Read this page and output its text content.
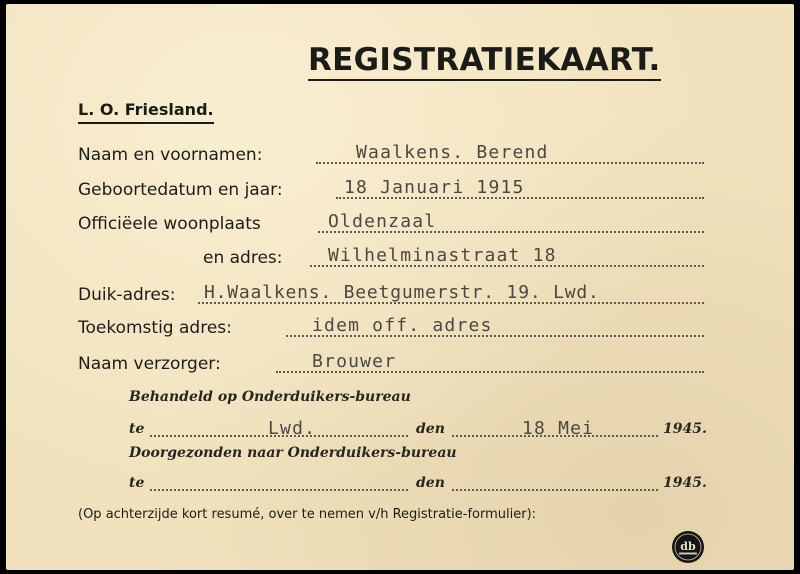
REGISTRATIEKAART.
L. O. Friesland.
Naam en voornamen:	Waalkens. Berend
Geboortedatum en jaar:	18 Januari 1915
Officiëele woonplaats	Oldenzaal
en adres:	Wilhelminastraat 18
Duik-adres: H.Waalkens. Beetgumerstr. 19. Lwd.
Toekomstig adres:	idem off. adres
Naam verzorger:	Brouwer
Behandeld op Onderduikers-bureau
te	Lwd.	den	18 Mei	1945.
Doorgezonden naar Onderduikers-bureau
te	den	1945.
(Op achterzijde kort resumé, over te nemen v/h Registratie-formulier):
db
